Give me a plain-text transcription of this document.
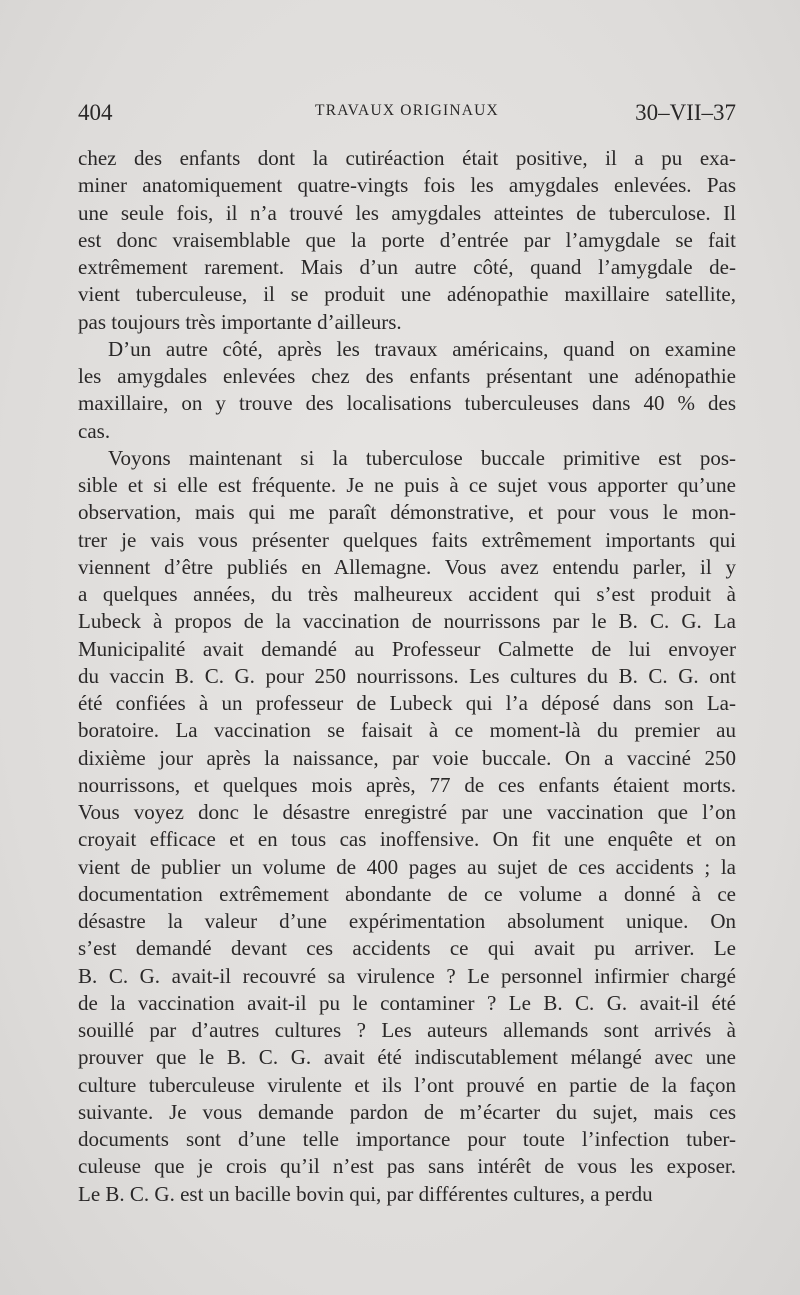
404	TRAVAUX ORIGINAUX	30–VII–37
chez des enfants dont la cutiréaction était positive, il a pu exa-
miner anatomiquement quatre-vingts fois les amygdales enlevées. Pas
une seule fois, il n’a trouvé les amygdales atteintes de tuberculose. Il
est donc vraisemblable que la porte d’entrée par l’amygdale se fait
extrêmement rarement. Mais d’un autre côté, quand l’amygdale de-
vient tuberculeuse, il se produit une adénopathie maxillaire satellite,
pas toujours très importante d’ailleurs.
D’un autre côté, après les travaux américains, quand on examine
les amygdales enlevées chez des enfants présentant une adénopathie
maxillaire, on y trouve des localisations tuberculeuses dans 40 % des
cas.
Voyons maintenant si la tuberculose buccale primitive est pos-
sible et si elle est fréquente. Je ne puis à ce sujet vous apporter qu’une
observation, mais qui me paraît démonstrative, et pour vous le mon-
trer je vais vous présenter quelques faits extrêmement importants qui
viennent d’être publiés en Allemagne. Vous avez entendu parler, il y
a quelques années, du très malheureux accident qui s’est produit à
Lubeck à propos de la vaccination de nourrissons par le B. C. G. La
Municipalité avait demandé au Professeur Calmette de lui envoyer
du vaccin B. C. G. pour 250 nourrissons. Les cultures du B. C. G. ont
été confiées à un professeur de Lubeck qui l’a déposé dans son La-
boratoire. La vaccination se faisait à ce moment-là du premier au
dixième jour après la naissance, par voie buccale. On a vacciné 250
nourrissons, et quelques mois après, 77 de ces enfants étaient morts.
Vous voyez donc le désastre enregistré par une vaccination que l’on
croyait efficace et en tous cas inoffensive. On fit une enquête et on
vient de publier un volume de 400 pages au sujet de ces accidents ; la
documentation extrêmement abondante de ce volume a donné à ce
désastre la valeur d’une expérimentation absolument unique. On
s’est demandé devant ces accidents ce qui avait pu arriver. Le
B. C. G. avait-il recouvré sa virulence ? Le personnel infirmier chargé
de la vaccination avait-il pu le contaminer ? Le B. C. G. avait-il été
souillé par d’autres cultures ? Les auteurs allemands sont arrivés à
prouver que le B. C. G. avait été indiscutablement mélangé avec une
culture tuberculeuse virulente et ils l’ont prouvé en partie de la façon
suivante. Je vous demande pardon de m’écarter du sujet, mais ces
documents sont d’une telle importance pour toute l’infection tuber-
culeuse que je crois qu’il n’est pas sans intérêt de vous les exposer.
Le B. C. G. est un bacille bovin qui, par différentes cultures, a perdu
